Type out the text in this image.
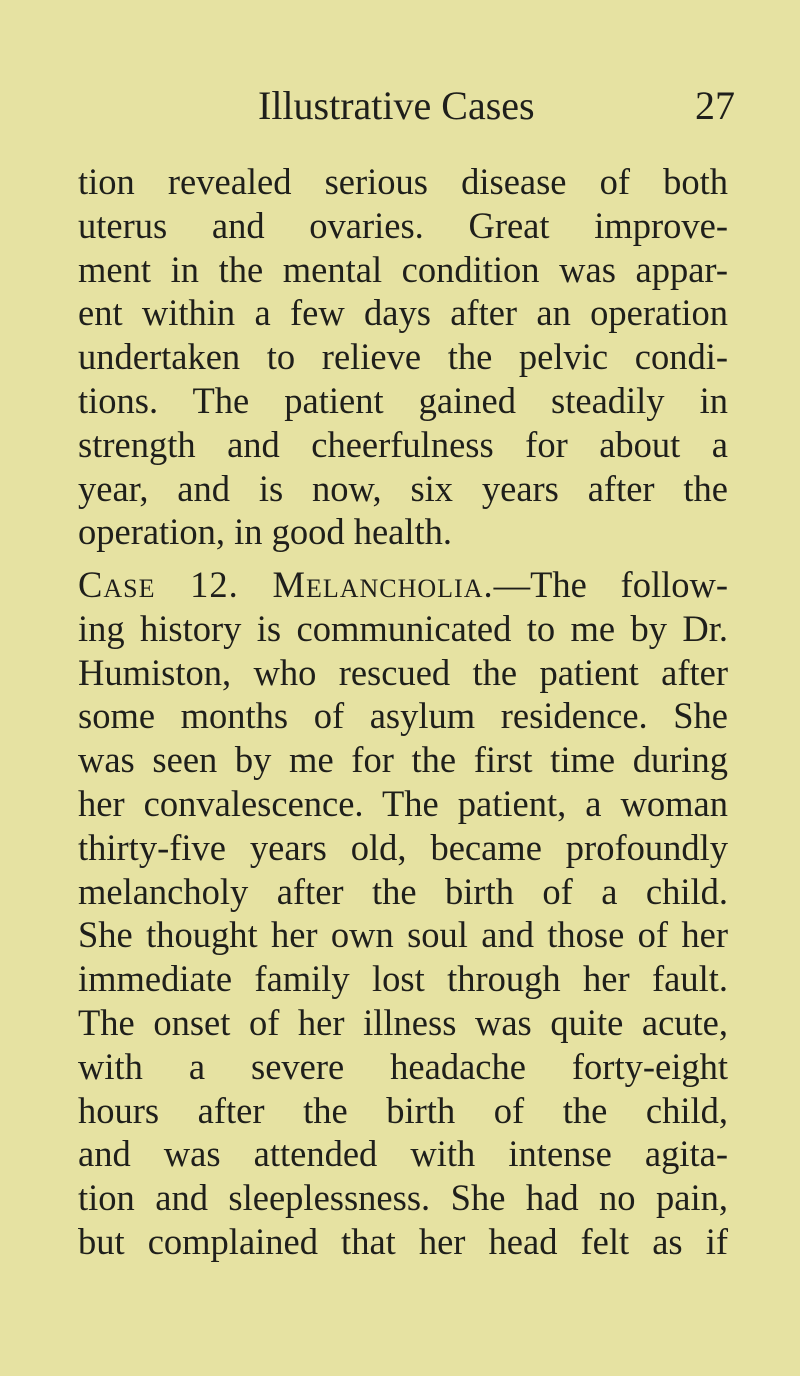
Illustrative Cases	27
tion revealed serious disease of both
uterus and ovaries. Great improve-
ment in the mental condition was appar-
ent within a few days after an operation
undertaken to relieve the pelvic condi-
tions. The patient gained steadily in
strength and cheerfulness for about a
year, and is now, six years after the
operation, in good health.
Case 12. Melancholia.—The follow-
ing history is communicated to me by Dr.
Humiston, who rescued the patient after
some months of asylum residence. She
was seen by me for the first time during
her convalescence. The patient, a woman
thirty-five years old, became profoundly
melancholy after the birth of a child.
She thought her own soul and those of her
immediate family lost through her fault.
The onset of her illness was quite acute,
with a severe headache forty-eight
hours after the birth of the child,
and was attended with intense agita-
tion and sleeplessness. She had no pain,
but complained that her head felt as if
